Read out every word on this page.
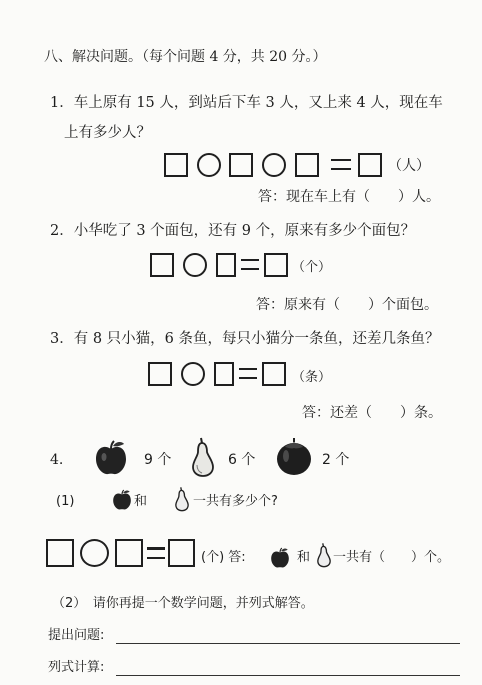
八、解决问题。（每个问题 4 分，共 20 分。）
1．车上原有 15 人，到站后下车 3 人，又上来 4 人，现在车
上有多少人？
（人）
答：现在车上有（　　）人。
2．小华吃了 3 个面包，还有 9 个，原来有多少个面包？
（个）
答：原来有（　　）个面包。
3．有 8 只小猫，6 条鱼，每只小猫分一条鱼，还差几条鱼？
（条）
答：还差（　　）条。
4.	9 个	6 个	2 个
(1)	和	一共有多少个?
(个) 答:	和 一共有（　　）个。
（2）　请你再提一个数学问题，并列式解答。
提出问题:
列式计算:
